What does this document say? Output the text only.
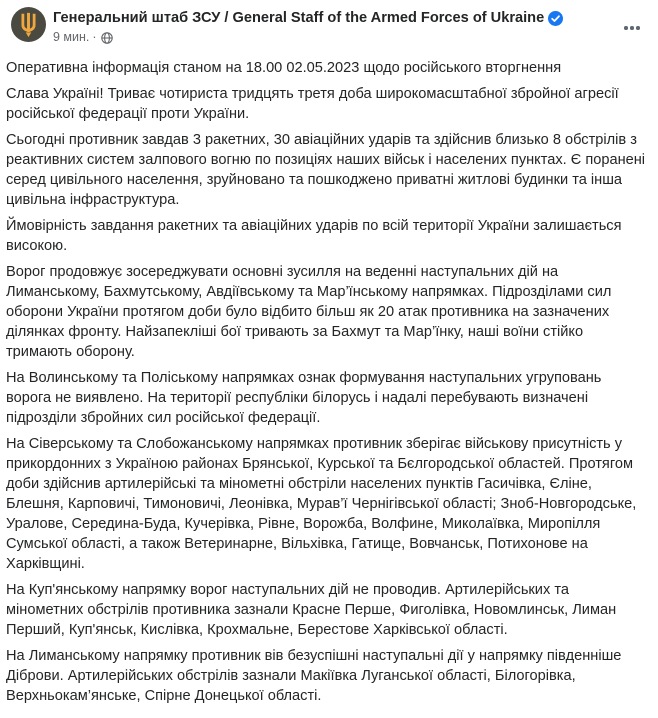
Генеральний штаб ЗСУ / General Staff of the Armed Forces of Ukraine
9 мин. ·

Оперативна інформація станом на 18.00 02.05.2023 щодо російського вторгнення

Слава Україні! Триває чотириста тридцять третя доба широкомасштабної збройної агресії російської федерації проти України.

Сьогодні противник завдав 3 ракетних, 30 авіаційних ударів та здійснив близько 8 обстрілів з реактивних систем залпового вогню по позиціях наших військ і населених пунктах. Є поранені серед цивільного населення, зруйновано та пошкоджено приватні житлові будинки та інша цивільна інфраструктура.

Ймовірність завдання ракетних та авіаційних ударів по всій території України залишається високою.

Ворог продовжує зосереджувати основні зусилля на веденні наступальних дій на Лиманському, Бахмутському, Авдіївському та Мар’їнському напрямках. Підрозділами сил оборони України протягом доби було відбито більш як 20 атак противника на зазначених ділянках фронту. Найзапекліші бої тривають за Бахмут та Мар’їнку, наші воїни стійко тримають оборону.

На Волинському та Поліському напрямках ознак формування наступальних угруповань ворога не виявлено. На території республіки білорусь і надалі перебувають визначені підрозділи збройних сил російської федерації.

На Сіверському та Слобожанському напрямках противник зберігає військову присутність у прикордонних з Україною районах Брянської, Курської та Бєлгородської областей. Протягом доби здійснив артилерійські та мінометні обстріли населених пунктів Гасичівка, Єліне, Блешня, Карповичі, Тимоновичі, Леонівка, Мурав’ї Чернігівської області; Зноб-Новгородське, Уралове, Середина-Буда, Кучерівка, Рівне, Ворожба, Волфине, Миколаївка, Миропілля Сумської області, а також Ветеринарне, Вільхівка, Гатище, Вовчанськ, Потихонове на Харківщині.

На Куп'янському напрямку ворог наступальних дій не проводив. Артилерійських та мінометних обстрілів противника зазнали Красне Перше, Фиголівка, Новомлинськ, Лиман Перший, Куп'янськ, Кислівка, Крохмальне, Берестове Харківської області.

На Лиманському напрямку противник вів безуспішні наступальні дії у напрямку південніше Діброви. Артилерійських обстрілів зазнали Макіївка Луганської області, Білогорівка, Верхньокам’янське, Спірне Донецької області.
